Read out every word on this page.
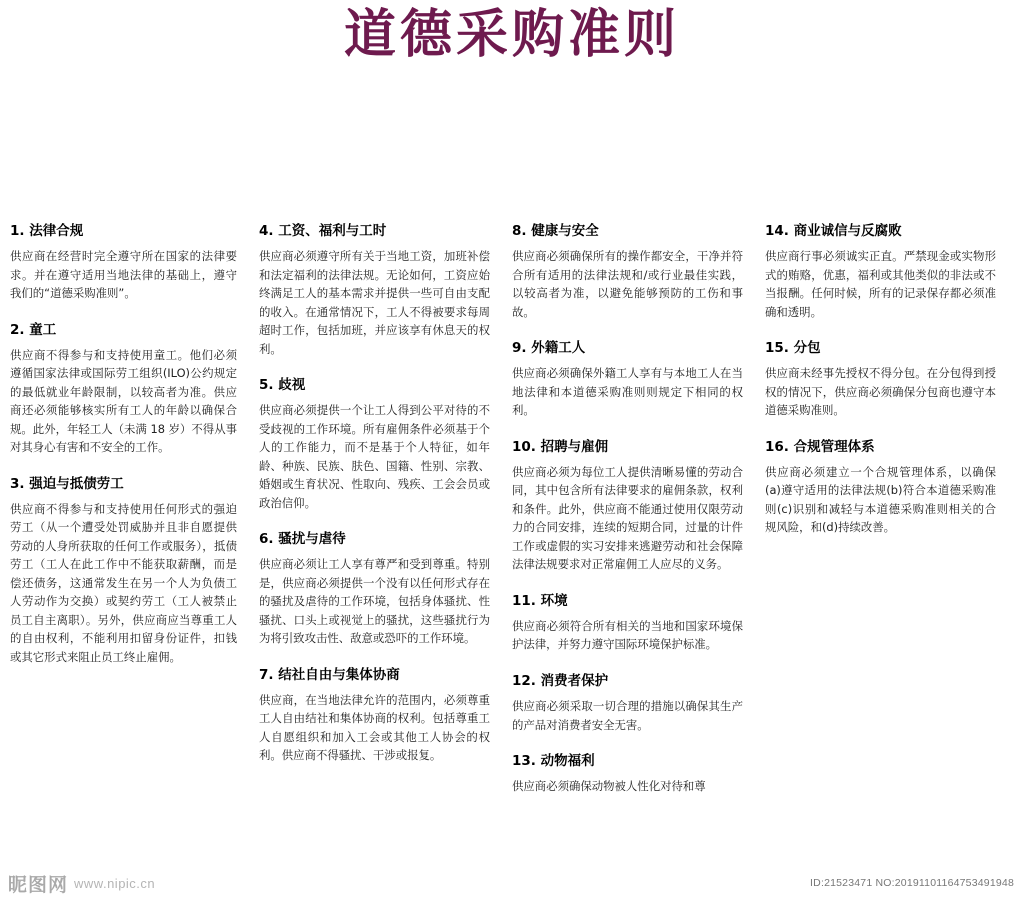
道德采购准则
1. 法律合规

供应商在经营时完全遵守所在国家的法律要求。并在遵守适用当地法律的基础上，遵守我们的“道德采购准则”。

2. 童工

供应商不得参与和支持使用童工。他们必须遵循国家法律或国际劳工组织(ILO)公约规定的最低就业年龄限制，以较高者为准。供应商还必须能够核实所有工人的年龄以确保合规。此外，年轻工人（未满 18 岁）不得从事对其身心有害和不安全的工作。

3. 强迫与抵债劳工

供应商不得参与和支持使用任何形式的强迫劳工（从一个遭受处罚威胁并且非自愿提供劳动的人身所获取的任何工作或服务），抵债劳工（工人在此工作中不能获取薪酬，而是偿还债务，这通常发生在另一个人为负债工人劳动作为交换）或契约劳工（工人被禁止员工自主离职）。另外，供应商应当尊重工人的自由权利，不能利用扣留身份证件，扣钱或其它形式来阻止员工终止雇佣。

4. 工资、福利与工时

供应商必须遵守所有关于当地工资，加班补偿和法定福利的法律法规。无论如何，工资应始终满足工人的基本需求并提供一些可自由支配的收入。在通常情况下，工人不得被要求每周超时工作，包括加班，并应该享有休息天的权利。

5. 歧视

供应商必须提供一个让工人得到公平对待的不受歧视的工作环境。所有雇佣条件必须基于个人的工作能力，而不是基于个人特征，如年龄、种族、民族、肤色、国籍、性别、宗教、婚姻或生育状况、性取向、残疾、工会会员或政治信仰。

6. 骚扰与虐待

供应商必须让工人享有尊严和受到尊重。特别是，供应商必须提供一个没有以任何形式存在的骚扰及虐待的工作环境，包括身体骚扰、性骚扰、口头上或视觉上的骚扰，这些骚扰行为为将引致攻击性、敌意或恐吓的工作环境。

7. 结社自由与集体协商

供应商，在当地法律允许的范围内，必须尊重工人自由结社和集体协商的权利。包括尊重工人自愿组织和加入工会或其他工人协会的权利。供应商不得骚扰、干涉或报复。

8. 健康与安全

供应商必须确保所有的操作都安全，干净并符合所有适用的法律法规和/或行业最佳实践，以较高者为准，以避免能够预防的工伤和事故。

9. 外籍工人

供应商必须确保外籍工人享有与本地工人在当地法律和本道德采购准则则规定下相同的权利。

10. 招聘与雇佣

供应商必须为每位工人提供清晰易懂的劳动合同，其中包含所有法律要求的雇佣条款，权利和条件。此外，供应商不能通过使用仅限劳动力的合同安排，连续的短期合同，过量的计件工作或虚假的实习安排来逃避劳动和社会保障法律法规要求对正常雇佣工人应尽的义务。

11. 环境

供应商必须符合所有相关的当地和国家环境保护法律，并努力遵守国际环境保护标准。

12. 消费者保护

供应商必须采取一切合理的措施以确保其生产的产品对消费者安全无害。

13. 动物福利

供应商必须确保动物被人性化对待和尊

14. 商业诚信与反腐败

供应商行事必须诚实正直。严禁现金或实物形式的贿赂，优惠，福利或其他类似的非法或不当报酬。任何时候，所有的记录保存都必须准确和透明。

15. 分包

供应商未经事先授权不得分包。在分包得到授权的情况下，供应商必须确保分包商也遵守本道德采购准则。

16. 合规管理体系

供应商必须建立一个合规管理体系，以确保(a)遵守适用的法律法规(b)符合本道德采购准则(c)识别和减轻与本道德采购准则相关的合规风险，和(d)持续改善。

昵图网 www.nipic.cn	ID:21523471 NO:20191101164753491948
